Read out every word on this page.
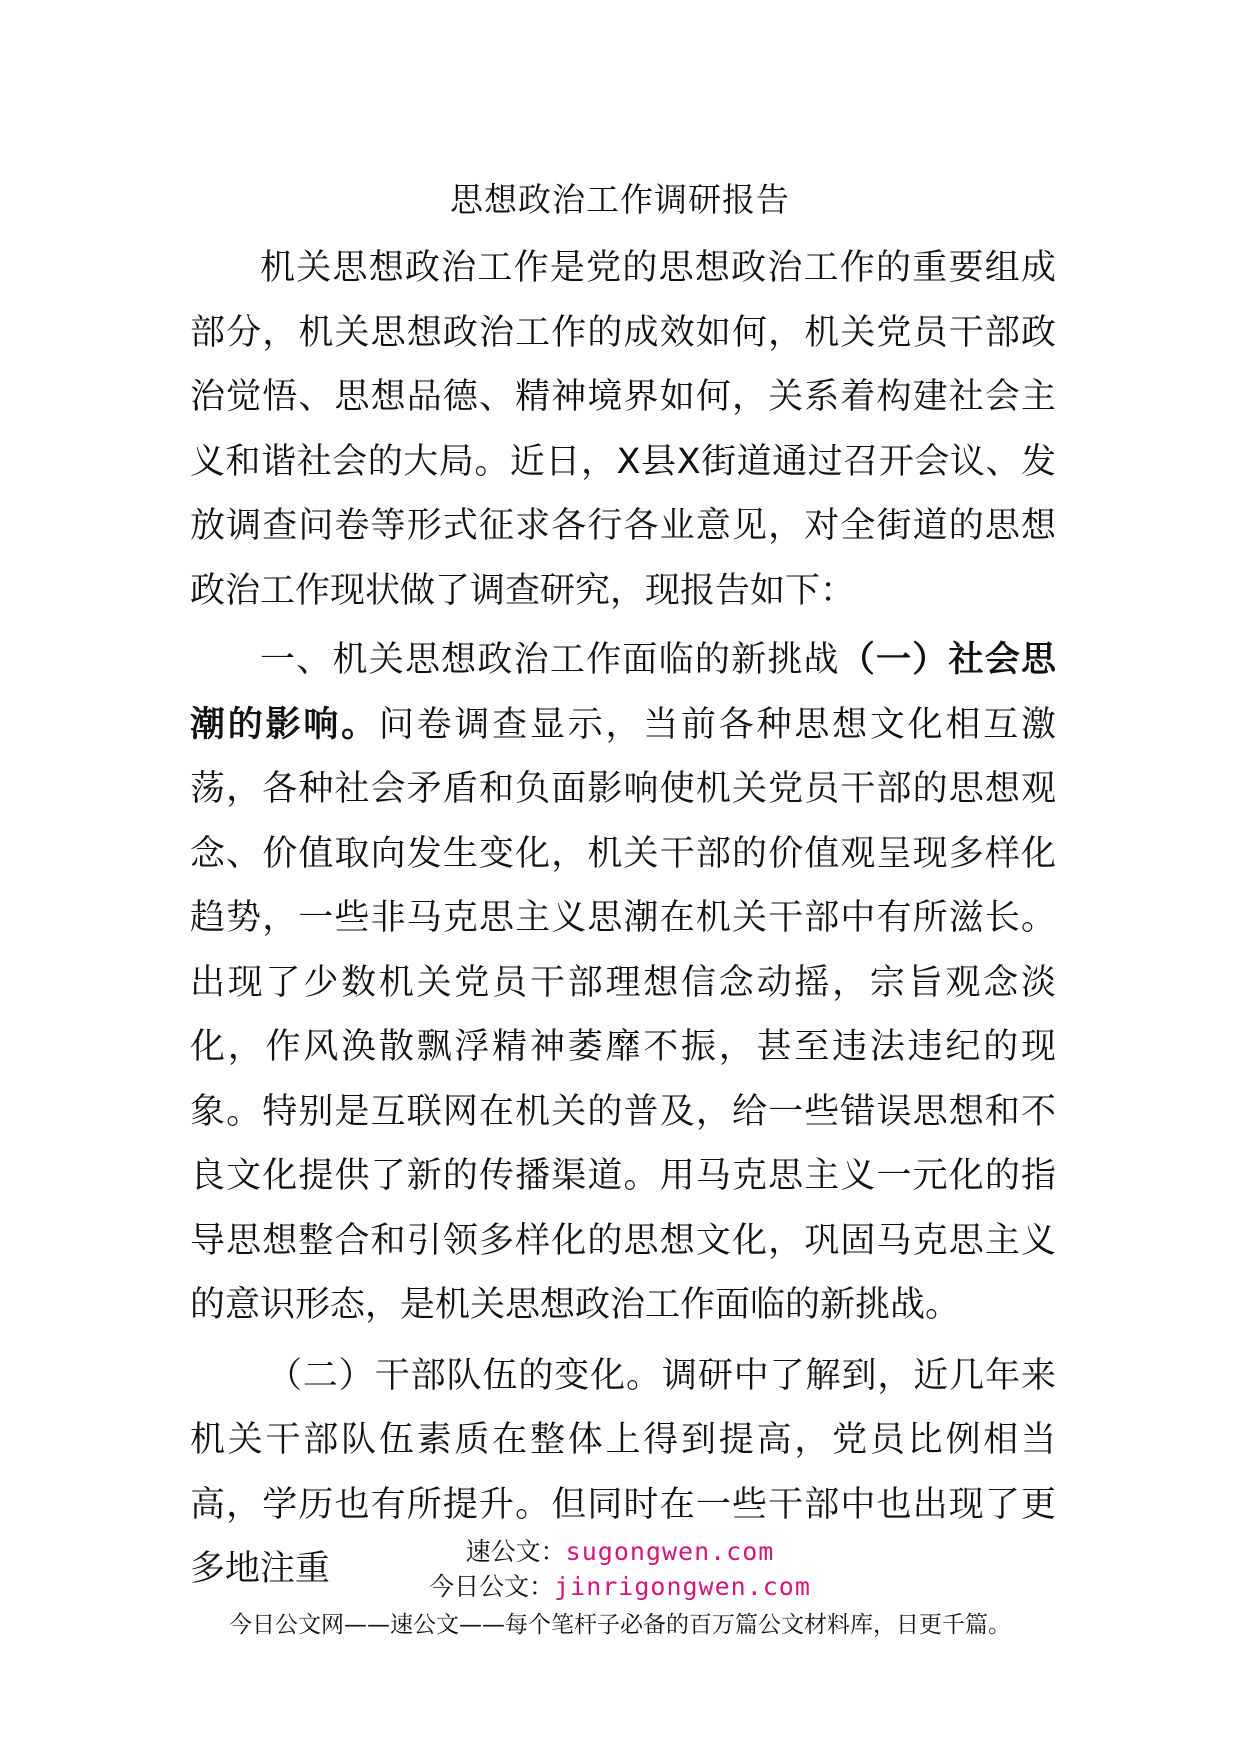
思想政治工作调研报告

机关思想政治工作是党的思想政治工作的重要组成部分，机关思想政治工作的成效如何，机关党员干部政治觉悟、思想品德、精神境界如何，关系着构建社会主义和谐社会的大局。近日，X县X街道通过召开会议、发放调查问卷等形式征求各行各业意见，对全街道的思想政治工作现状做了调查研究，现报告如下：

一、机关思想政治工作面临的新挑战（一）社会思潮的影响。问卷调查显示，当前各种思想文化相互激荡，各种社会矛盾和负面影响使机关党员干部的思想观念、价值取向发生变化，机关干部的价值观呈现多样化趋势，一些非马克思主义思潮在机关干部中有所滋长。出现了少数机关党员干部理想信念动摇，宗旨观念淡化，作风涣散飘浮精神萎靡不振，甚至违法违纪的现象。特别是互联网在机关的普及，给一些错误思想和不良文化提供了新的传播渠道。用马克思主义一元化的指导思想整合和引领多样化的思想文化，巩固马克思主义的意识形态，是机关思想政治工作面临的新挑战。

（二）干部队伍的变化。调研中了解到，近几年来机关干部队伍素质在整体上得到提高，党员比例相当高，学历也有所提升。但同时在一些干部中也出现了更多地注重	速公文：sugongwen.com
今日公文：jinrigongwen.com
今日公文网——速公文——每个笔杆子必备的百万篇公文材料库，日更千篇。
